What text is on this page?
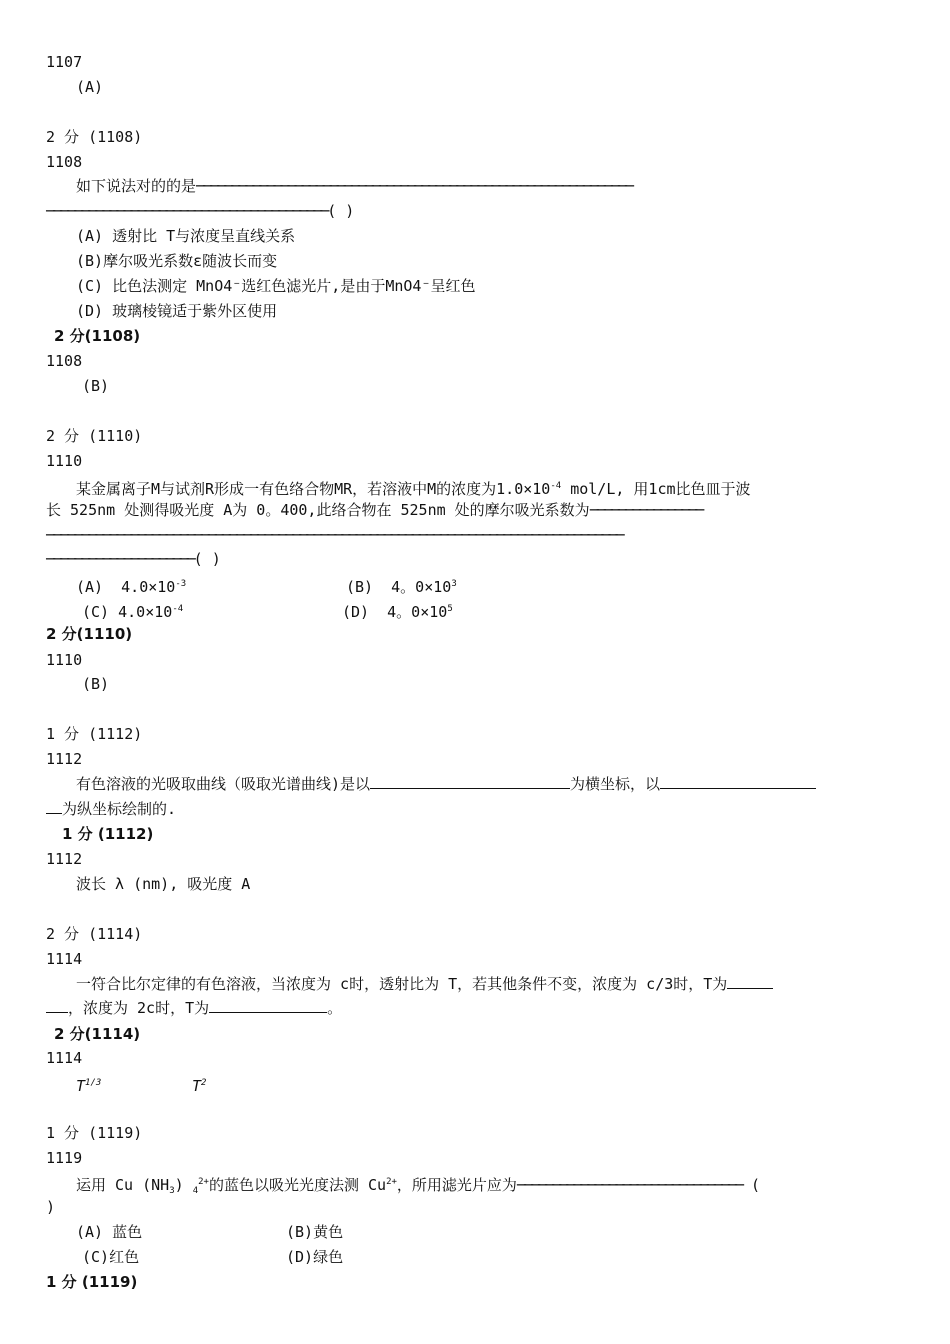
1107
(A)
2 分 (1108)
1108
如下说法对的的是──────────────────────────────────────────────────────────────
────────────────────────────────────────( )
(A) 透射比 T与浓度呈直线关系
(B)摩尔吸光系数ε随波长而变
(C) 比色法测定 MnO4⁻选红色滤光片,是由于MnO4⁻呈红色
(D) 玻璃棱镜适于紫外区使用
2 分(1108)
1108
(B)
2 分 (1110)
1110
某金属离子M与试剂R形成一有色络合物MR，若溶液中M的浓度为$1.0\times 10^{-4}$ mol/L, 用1cm比色皿于波
长 525nm 处测得吸光度 A为 0。400,此络合物在 525nm 处的摩尔吸光系数为────────────────
──────────────────────────────────────────────────────────────────────────────────
─────────────────────( )
(A) $4.0\times 10^{-3}$	(B) 4。$0\times 10^3$
(C) $4.0\times 10^{-4}$	(D) 4。$0\times 10^5$
2 分(1110)
1110
(B)
1 分 (1112)
1112
有色溶液的光吸取曲线（吸取光谱曲线)是以	为横坐标，以
为纵坐标绘制的.
1 分 (1112)
1112
波长 λ (nm), 吸光度 A
2 分 (1114)
1114
一符合比尔定律的有色溶液，当浓度为 c时，透射比为 T，若其他条件不变，浓度为 c/3时，T为
，浓度为 2c时，T为	。
2 分(1114)
1114
$T^{1/3}$	$T^2$
1 分 (1119)
1119
运用 Cu $(NH_3)$ $_4^{2+}$的蓝色以吸光光度法测 $Cu^{2+}$，所用滤光片应为──────────────────────────────── (
)
(A) 蓝色	(B)黄色
(C)红色	(D)绿色
1 分 (1119)
